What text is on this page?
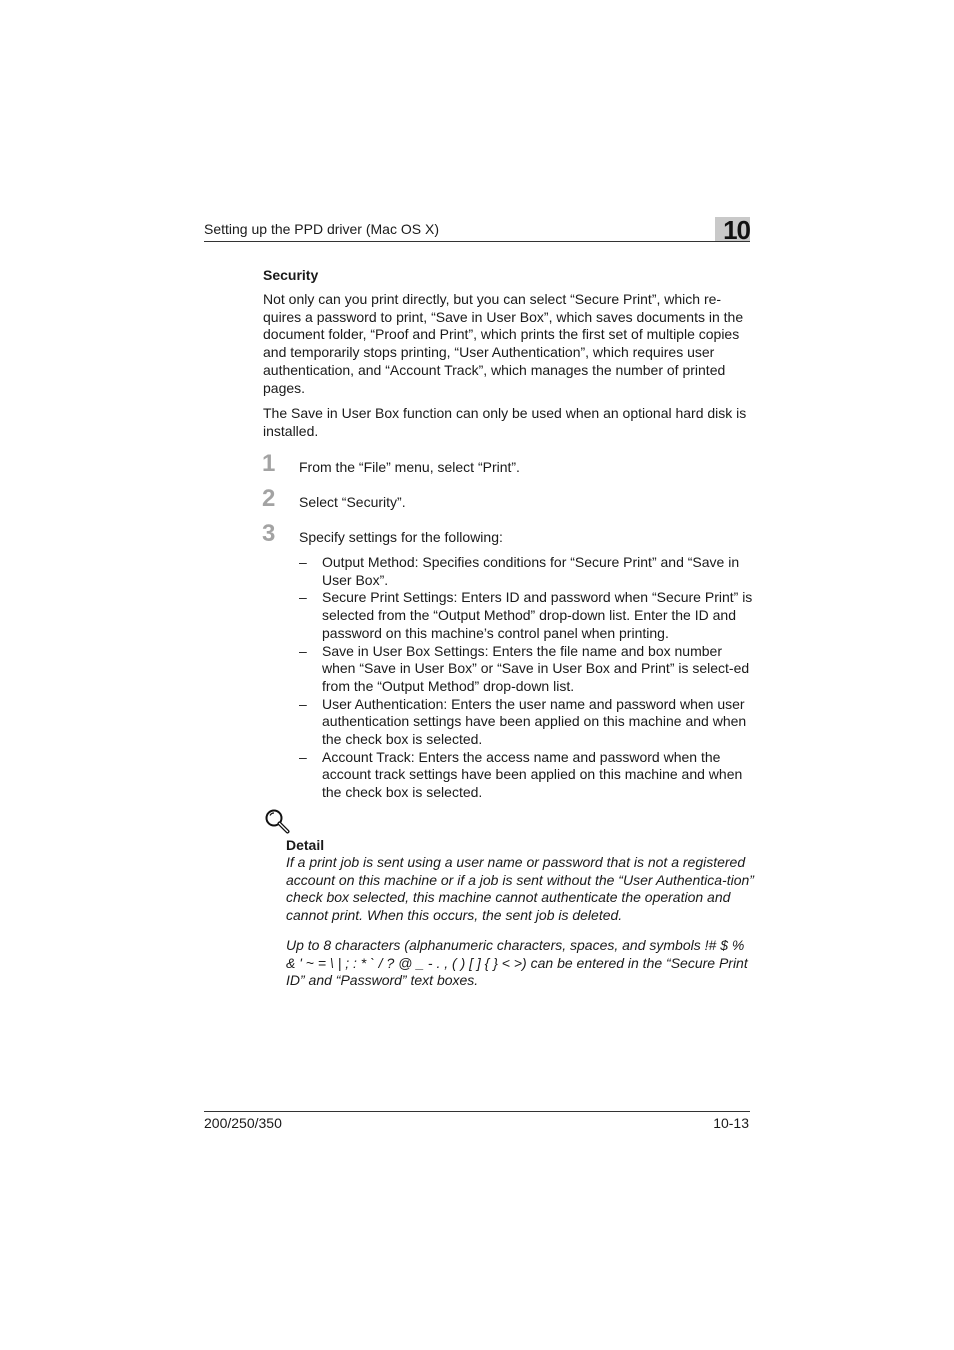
Setting up the PPD driver (Mac OS X)	10
Security

Not only can you print directly, but you can select “Secure Print”, which re-quires a password to print, “Save in User Box”, which saves documents in the document folder, “Proof and Print”, which prints the first set of multiple copies and temporarily stops printing, “User Authentication”, which requires user authentication, and “Account Track”, which manages the number of printed pages.

The Save in User Box function can only be used when an optional hard disk is installed.

1 From the “File” menu, select “Print”.
2 Select “Security”.
3 Specify settings for the following:
– Output Method: Specifies conditions for “Secure Print” and “Save in User Box”.
– Secure Print Settings: Enters ID and password when “Secure Print” is selected from the “Output Method” drop-down list. Enter the ID and password on this machine’s control panel when printing.
– Save in User Box Settings: Enters the file name and box number when “Save in User Box” or “Save in User Box and Print” is select-ed from the “Output Method” drop-down list.
– User Authentication: Enters the user name and password when user authentication settings have been applied on this machine and when the check box is selected.
– Account Track: Enters the access name and password when the account track settings have been applied on this machine and when the check box is selected.
Detail

If a print job is sent using a user name or password that is not a registered account on this machine or if a job is sent without the “User Authentica-tion” check box selected, this machine cannot authenticate the operation and cannot print. When this occurs, the sent job is deleted.

Up to 8 characters (alphanumeric characters, spaces, and symbols !# $ % & ' ~ = \ | ; : * ` / ? @ _ - . , ( ) [ ] { } < >) can be entered in the “Secure Print ID” and “Password” text boxes.

200/250/350	10-13
